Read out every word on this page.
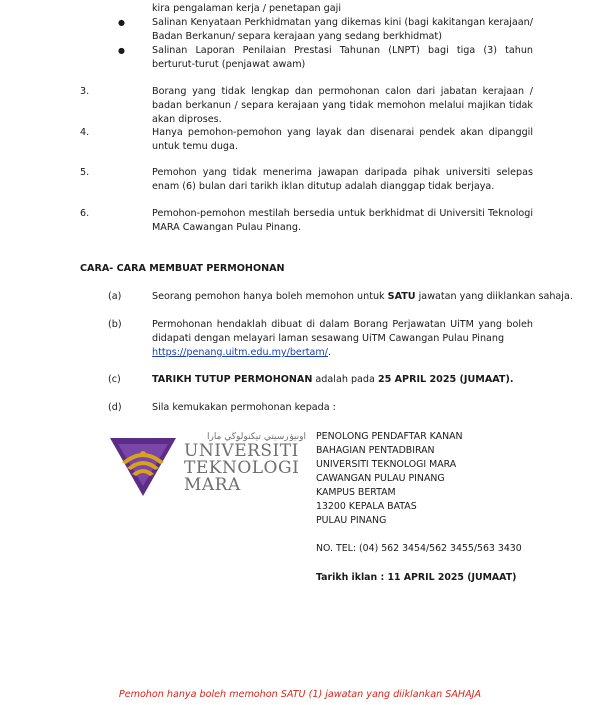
kira pengalaman kerja / penetapan gaji
●	Salinan Kenyataan Perkhidmatan yang dikemas kini (bagi kakitangan kerajaan/ Badan Berkanun/ separa kerajaan yang sedang berkhidmat)
●	Salinan Laporan Penilaian Prestasi Tahunan (LNPT) bagi tiga (3) tahun berturut-turut (penjawat awam)
3.	Borang yang tidak lengkap dan permohonan calon dari jabatan kerajaan / badan berkanun / separa kerajaan yang tidak memohon melalui majikan tidak akan diproses.
4.	Hanya pemohon-pemohon yang layak dan disenarai pendek akan dipanggil untuk temu duga.
5.	Pemohon yang tidak menerima jawapan daripada pihak universiti selepas enam (6) bulan dari tarikh iklan ditutup adalah dianggap tidak berjaya.
6.	Pemohon-pemohon mestilah bersedia untuk berkhidmat di Universiti Teknologi MARA Cawangan Pulau Pinang.
CARA- CARA MEMBUAT PERMOHONAN
(a)	Seorang pemohon hanya boleh memohon untuk SATU jawatan yang diiklankan sahaja.
(b)	Permohonan hendaklah dibuat di dalam Borang Perjawatan UiTM yang boleh didapati dengan melayari laman sesawang UiTM Cawangan Pulau Pinang
https://penang.uitm.edu.my/bertam/.
(c)	TARIKH TUTUP PERMOHONAN adalah pada 25 APRIL 2025 (JUMAAT).
(d)	Sila kemukakan permohonan kepada :
اونيۏرسيتي تيكنولوڬي مارا
UNIVERSITI
TEKNOLOGI
MARA
PENOLONG PENDAFTAR KANAN
BAHAGIAN PENTADBIRAN
UNIVERSITI TEKNOLOGI MARA
CAWANGAN PULAU PINANG
KAMPUS BERTAM
13200 KEPALA BATAS
PULAU PINANG
NO. TEL: (04) 562 3454/562 3455/563 3430
Tarikh iklan : 11 APRIL 2025 (JUMAAT)
Pemohon hanya boleh memohon SATU (1) jawatan yang diiklankan SAHAJA
